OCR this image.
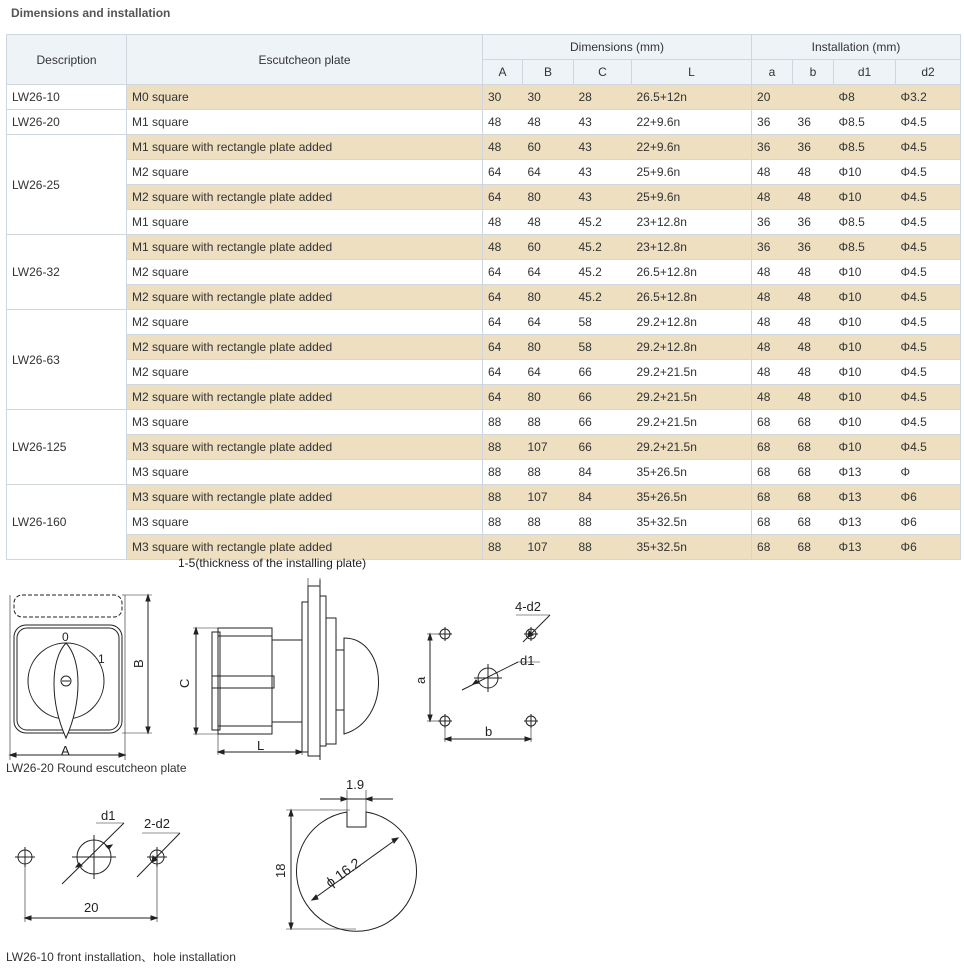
Dimensions and installation
Description	Escutcheon plate	Dimensions (mm)				Installation (mm)			
		A	B	C	L	a	b	d1	d2
LW26-10	M0 square	30	30	28	26.5+12n	20		Φ8	Φ3.2
LW26-20	M1 square	48	48	43	22+9.6n	36	36	Φ8.5	Φ4.5
LW26-25	M1 square with rectangle plate added	48	60	43	22+9.6n	36	36	Φ8.5	Φ4.5
	M2 square	64	64	43	25+9.6n	48	48	Φ10	Φ4.5
	M2 square with rectangle plate added	64	80	43	25+9.6n	48	48	Φ10	Φ4.5
	M1 square	48	48	45.2	23+12.8n	36	36	Φ8.5	Φ4.5
LW26-32	M1 square with rectangle plate added	48	60	45.2	23+12.8n	36	36	Φ8.5	Φ4.5
	M2 square	64	64	45.2	26.5+12.8n	48	48	Φ10	Φ4.5
	M2 square with rectangle plate added	64	80	45.2	26.5+12.8n	48	48	Φ10	Φ4.5
LW26-63	M2 square	64	64	58	29.2+12.8n	48	48	Φ10	Φ4.5
	M2 square with rectangle plate added	64	80	58	29.2+12.8n	48	48	Φ10	Φ4.5
	M2 square	64	64	66	29.2+21.5n	48	48	Φ10	Φ4.5
	M2 square with rectangle plate added	64	80	66	29.2+21.5n	48	48	Φ10	Φ4.5
LW26-125	M3 square	88	88	66	29.2+21.5n	68	68	Φ10	Φ4.5
	M3 square with rectangle plate added	88	107	66	29.2+21.5n	68	68	Φ10	Φ4.5
	M3 square	88	88	84	35+26.5n	68	68	Φ13	Φ
LW26-160	M3 square with rectangle plate added	88	107	84	35+26.5n	68	68	Φ13	Φ6
	M3 square	88	88	88	35+32.5n	68	68	Φ13	Φ6
	M3 square with rectangle plate added	88	107	88	35+32.5n	68	68	Φ13	Φ6
0
1
A
B
1-5(thickness of the installing plate)
C
L
4-d2
d1
a
b
d1
2-d2
20
1.9
18 ϕ 16.2
LW26-20 Round escutcheon plate
LW26-10 front installation、hole installation
